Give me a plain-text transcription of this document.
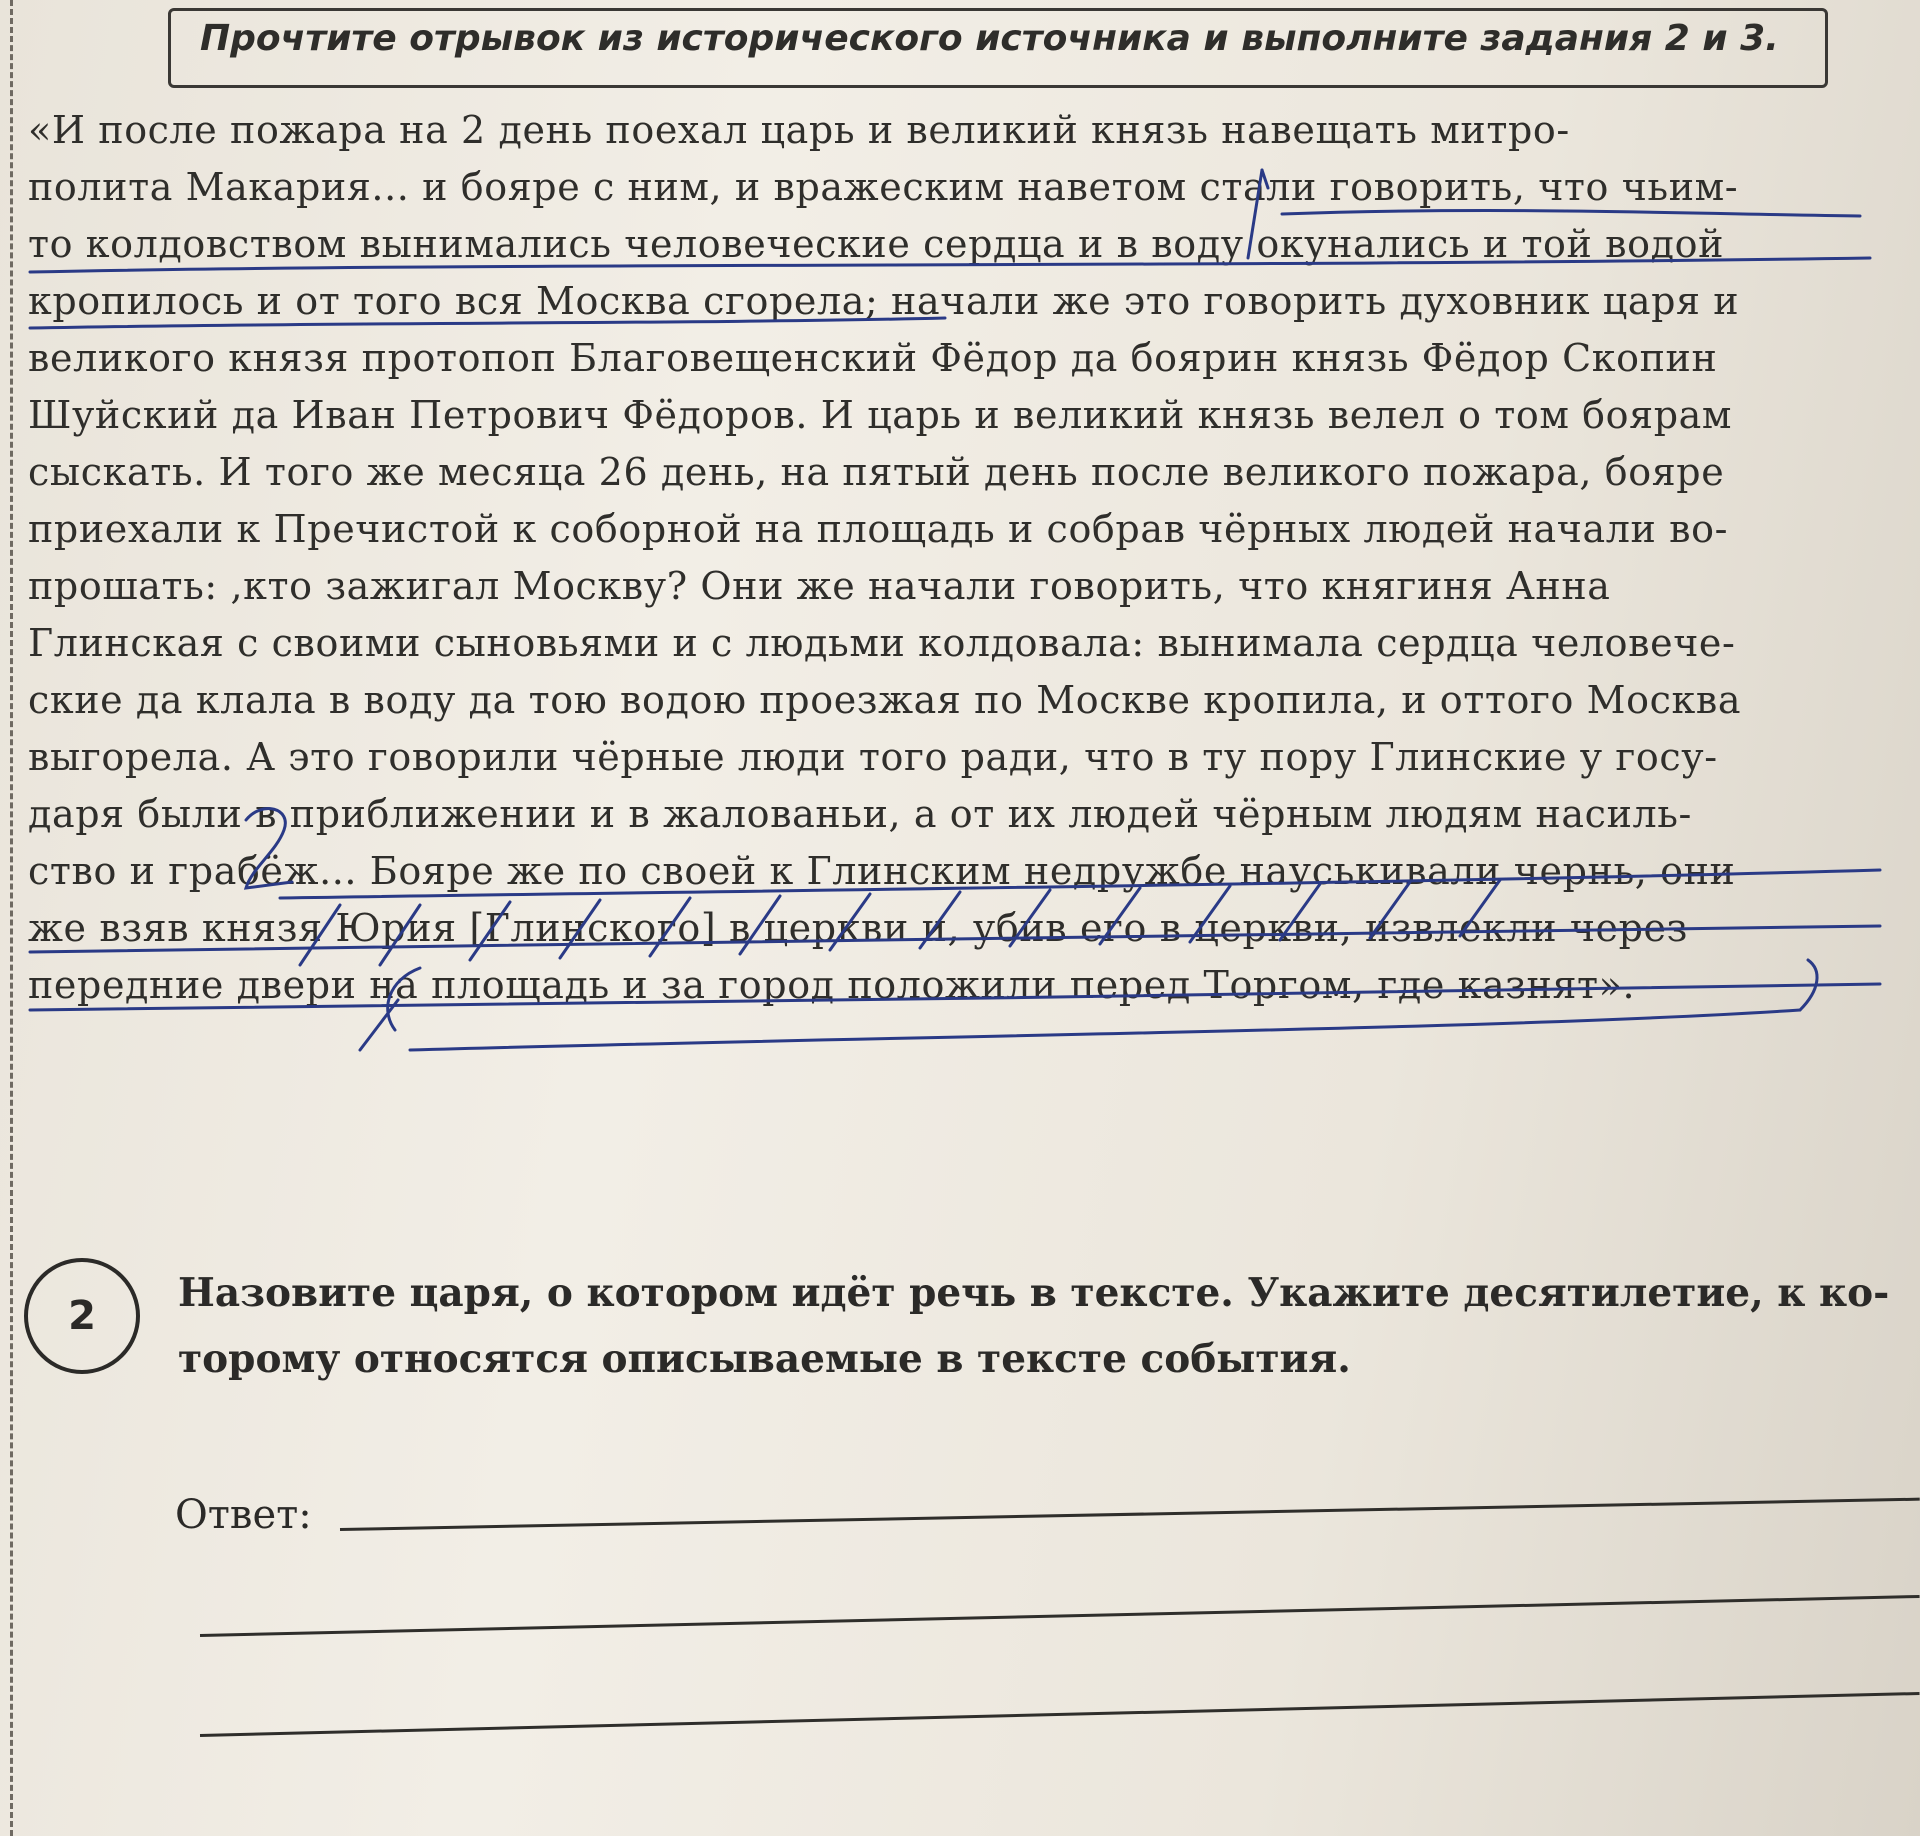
Прочтите отрывок из исторического источника и выполните задания 2 и 3.
«И после пожара на 2 день поехал царь и великий князь навещать митро-
полита Макария... и бояре с ним, и вражеским наветом стали говорить, что чьим-
то колдовством вынимались человеческие сердца и в воду окунались и той водой
кропилось и от того вся Москва сгорела; начали же это говорить духовник царя и
великого князя протопоп Благовещенский Фёдор да боярин князь Фёдор Скопин
Шуйский да Иван Петрович Фёдоров. И царь и великий князь велел о том боярам
сыскать. И того же месяца 26 день, на пятый день после великого пожара, бояре
приехали к Пречистой к соборной на площадь и собрав чёрных людей начали во-
прошать: ,кто зажигал Москву? Они же начали говорить, что княгиня Анна
Глинская с своими сыновьями и с людьми колдовала: вынимала сердца человече-
ские да клала в воду да тою водою проезжая по Москве кропила, и оттого Москва
выгорела. А это говорили чёрные люди того ради, что в ту пору Глинские у госу-
даря были в приближении и в жалованьи, а от их людей чёрным людям насиль-
ство и грабёж... Бояре же по своей к Глинским недружбе науськивали чернь, они
же взяв князя Юрия [Глинского] в церкви и, убив его в церкви, извлекли через
передние двери на площадь и за город положили перед Торгом, где казнят».
2	Назовите царя, о котором идёт речь в тексте. Укажите десятилетие, к ко-
торому относятся описываемые в тексте события.
Ответ:
